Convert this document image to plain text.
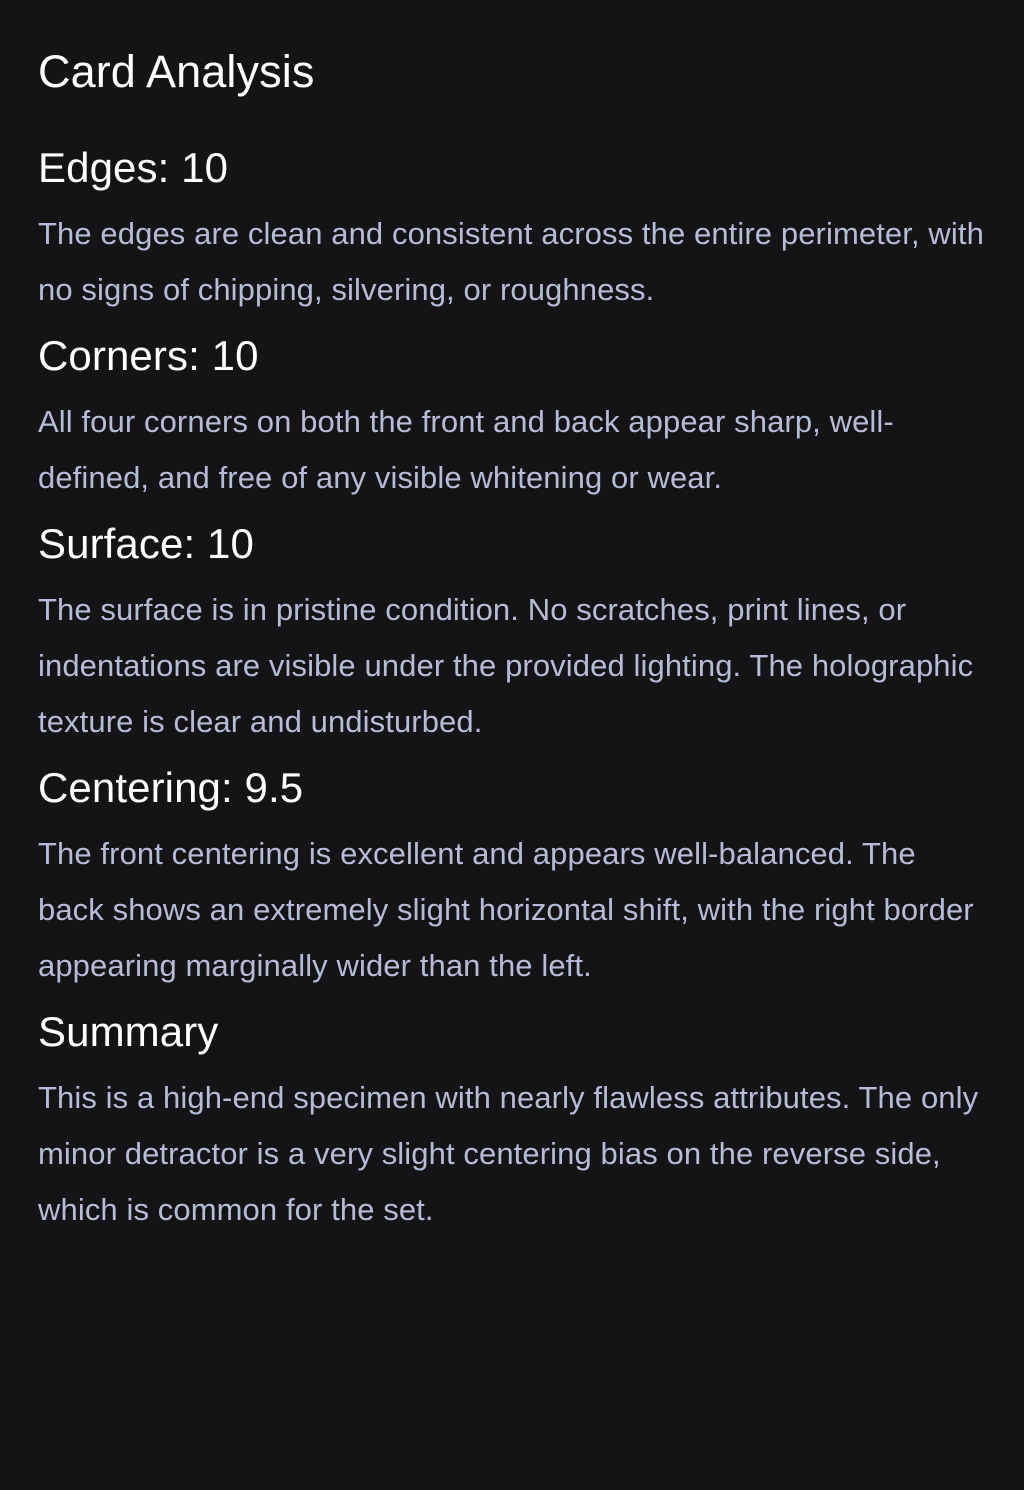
Card Analysis
Edges: 10

The edges are clean and consistent across the entire perimeter, with no signs of chipping, silvering, or roughness.

Corners: 10

All four corners on both the front and back appear sharp, well-defined, and free of any visible whitening or wear.

Surface: 10

The surface is in pristine condition. No scratches, print lines, or indentations are visible under the provided lighting. The holographic texture is clear and undisturbed.

Centering: 9.5

The front centering is excellent and appears well-balanced. The back shows an extremely slight horizontal shift, with the right border appearing marginally wider than the left.

Summary

This is a high-end specimen with nearly flawless attributes. The only minor detractor is a very slight centering bias on the reverse side, which is common for the set.
